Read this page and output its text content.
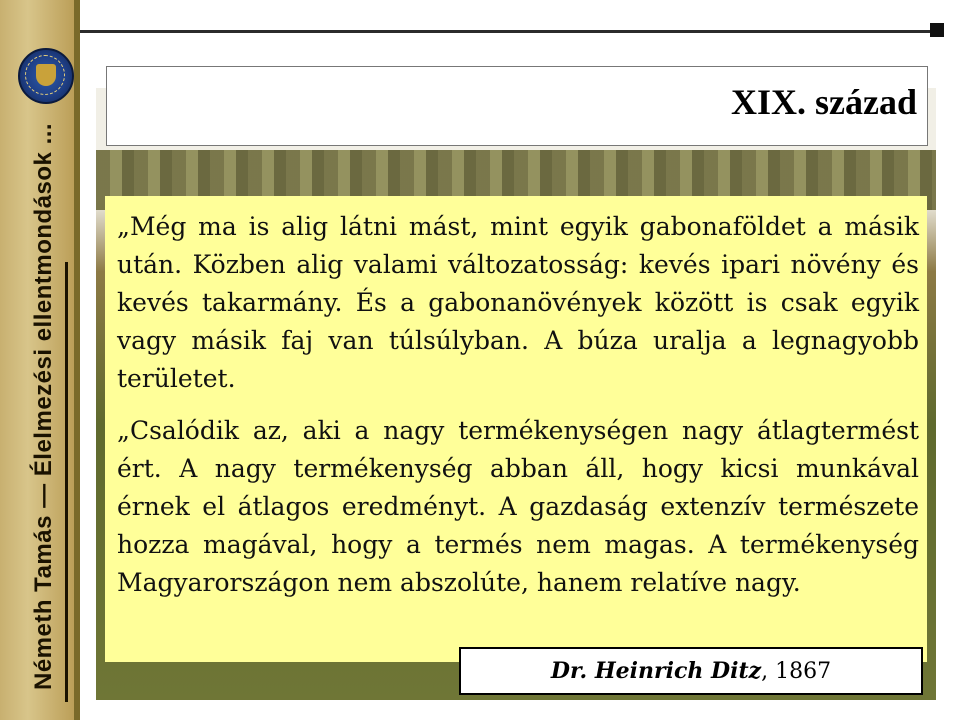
Németh Tamás — Élelmezési ellentmondások ...
XIX. század

„Még ma is alig látni mást, mint egyik gabonaföldet a másik után. Közben alig valami változatosság: kevés ipari növény és kevés takarmány. És a gabonanövények között is csak egyik vagy másik faj van túlsúlyban. A búza uralja a legnagyobb területet.

„Csalódik az, aki a nagy termékenységen nagy átlagtermést ért. A nagy termékenység abban áll, hogy kicsi munkával érnek el átlagos eredményt. A gazdaság extenzív természete hozza magával, hogy a termés nem magas. A termékenység Magyarországon nem abszolúte, hanem relatíve nagy.

Dr. Heinrich Ditz, 1867
